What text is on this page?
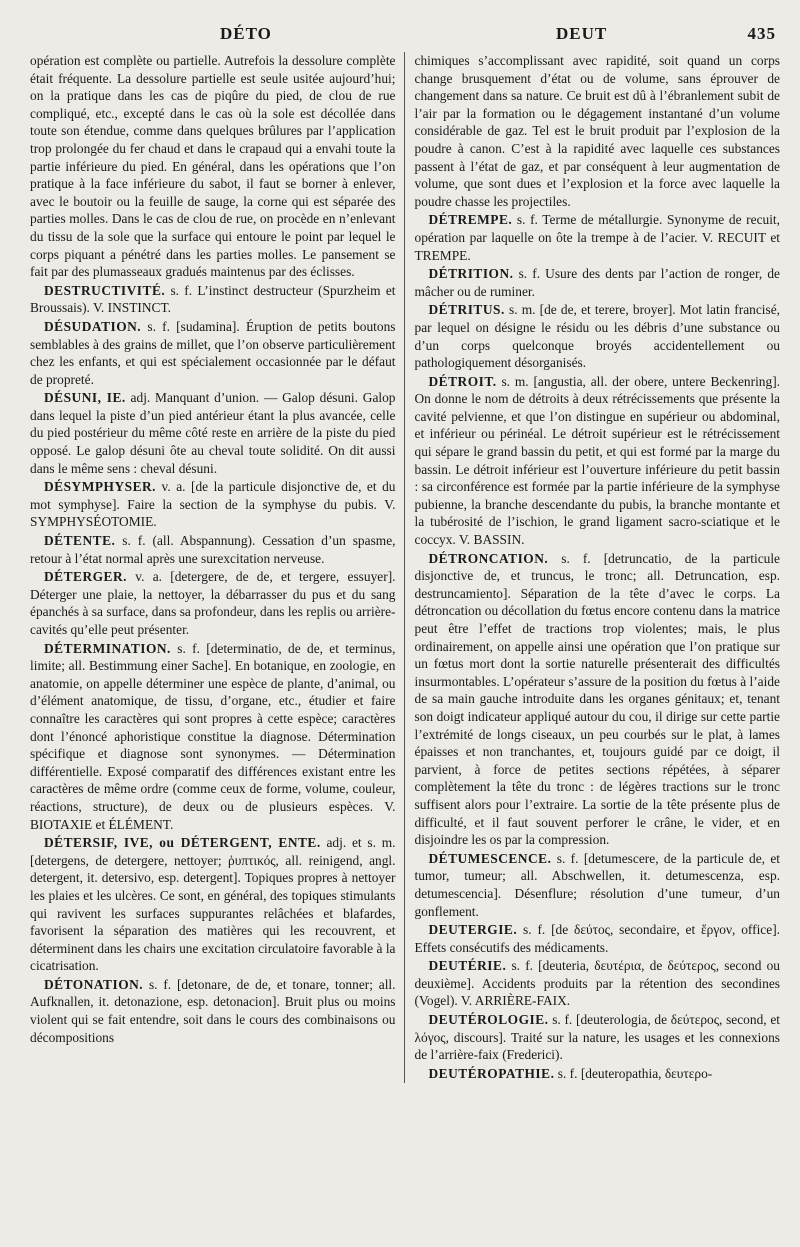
DÉTO	DEUT	435

opération est complète ou partielle. Autrefois la dessolure complète était fréquente. La dessolure partielle est seule usitée aujourd’hui; on la pratique dans les cas de piqûre du pied, de clou de rue compliqué, etc., excepté dans le cas où la sole est décollée dans toute son étendue, comme dans quelques brûlures par l’application trop prolongée du fer chaud et dans le crapaud qui a envahi toute la partie inférieure du pied. En général, dans les opérations que l’on pratique à la face inférieure du sabot, il faut se borner à enlever, avec le boutoir ou la feuille de sauge, la corne qui est séparée des parties molles. Dans le cas de clou de rue, on procède en n’enlevant du tissu de la sole que la surface qui entoure le point par lequel le corps piquant a pénétré dans les parties molles. Le pansement se fait par des plumasseaux gradués maintenus par des éclisses.

DESTRUCTIVITÉ. s. f. L’instinct destructeur (Spurzheim et Broussais). V. INSTINCT.

DÉSUDATION. s. f. [sudamina]. Éruption de petits boutons semblables à des grains de millet, que l’on observe particulièrement chez les enfants, et qui est spécialement occasionnée par le défaut de propreté.

DÉSUNI, IE. adj. Manquant d’union. — Galop désuni. Galop dans lequel la piste d’un pied antérieur étant la plus avancée, celle du pied postérieur du même côté reste en arrière de la piste du pied opposé. Le galop désuni ôte au cheval toute solidité. On dit aussi dans le même sens : cheval désuni.

DÉSYMPHYSER. v. a. [de la particule disjonctive de, et du mot symphyse]. Faire la section de la symphyse du pubis. V. SYMPHYSÉOTOMIE.

DÉTENTE. s. f. (all. Abspannung). Cessation d’un spasme, retour à l’état normal après une surexcitation nerveuse.

DÉTERGER. v. a. [detergere, de de, et tergere, essuyer]. Déterger une plaie, la nettoyer, la débarrasser du pus et du sang épanchés à sa surface, dans sa profondeur, dans les replis ou arrière-cavités qu’elle peut présenter.

DÉTERMINATION. s. f. [determinatio, de de, et terminus, limite; all. Bestimmung einer Sache]. En botanique, en zoologie, en anatomie, on appelle déterminer une espèce de plante, d’animal, ou d’élément anatomique, de tissu, d’organe, etc., étudier et faire connaître les caractères qui sont propres à cette espèce; caractères dont l’énoncé aphoristique constitue la diagnose. Détermination spécifique et diagnose sont synonymes. — Détermination différentielle. Exposé comparatif des différences existant entre les caractères de même ordre (comme ceux de forme, volume, couleur, réactions, structure), de deux ou de plusieurs espèces. V. BIOTAXIE et ÉLÉMENT.

DÉTERSIF, IVE, ou DÉTERGENT, ENTE. adj. et s. m. [detergens, de detergere, nettoyer; ῥυπτικός, all. reinigend, angl. detergent, it. detersivo, esp. detergent]. Topiques propres à nettoyer les plaies et les ulcères. Ce sont, en général, des topiques stimulants qui ravivent les surfaces suppurantes relâchées et blafardes, favorisent la séparation des matières qui les recouvrent, et déterminent dans les chairs une excitation circulatoire favorable à la cicatrisation.

DÉTONATION. s. f. [detonare, de de, et tonare, tonner; all. Aufknallen, it. detonazione, esp. detonacion]. Bruit plus ou moins violent qui se fait entendre, soit dans le cours des combinaisons ou décompositions

chimiques s’accomplissant avec rapidité, soit quand un corps change brusquement d’état ou de volume, sans éprouver de changement dans sa nature. Ce bruit est dû à l’ébranlement subit de l’air par la formation ou le dégagement instantané d’un volume considérable de gaz. Tel est le bruit produit par l’explosion de la poudre à canon. C’est à la rapidité avec laquelle ces substances passent à l’état de gaz, et par conséquent à leur augmentation de volume, que sont dues et l’explosion et la force avec laquelle la poudre chasse les projectiles.

DÉTREMPE. s. f. Terme de métallurgie. Synonyme de recuit, opération par laquelle on ôte la trempe à de l’acier. V. RECUIT et TREMPE.

DÉTRITION. s. f. Usure des dents par l’action de ronger, de mâcher ou de ruminer.

DÉTRITUS. s. m. [de de, et terere, broyer]. Mot latin francisé, par lequel on désigne le résidu ou les débris d’une substance ou d’un corps quelconque broyés accidentellement ou pathologiquement désorganisés.

DÉTROIT. s. m. [angustia, all. der obere, untere Beckenring]. On donne le nom de détroits à deux rétrécissements que présente la cavité pelvienne, et que l’on distingue en supérieur ou abdominal, et inférieur ou périnéal. Le détroit supérieur est le rétrécissement qui sépare le grand bassin du petit, et qui est formé par la marge du bassin. Le détroit inférieur est l’ouverture inférieure du petit bassin : sa circonférence est formée par la partie inférieure de la symphyse pubienne, la branche descendante du pubis, la branche montante et la tubérosité de l’ischion, le grand ligament sacro-sciatique et le coccyx. V. BASSIN.

DÉTRONCATION. s. f. [detruncatio, de la particule disjonctive de, et truncus, le tronc; all. Detruncation, esp. destruncamiento]. Séparation de la tête d’avec le corps. La détroncation ou décollation du fœtus encore contenu dans la matrice peut être l’effet de tractions trop violentes; mais, le plus ordinairement, on appelle ainsi une opération que l’on pratique sur un fœtus mort dont la sortie naturelle présenterait des difficultés insurmontables. L’opérateur s’assure de la position du fœtus à l’aide de sa main gauche introduite dans les organes génitaux; et, tenant son doigt indicateur appliqué autour du cou, il dirige sur cette partie l’extrémité de longs ciseaux, un peu courbés sur le plat, à lames épaisses et non tranchantes, et, toujours guidé par ce doigt, il parvient, à force de petites sections répétées, à séparer complètement la tête du tronc : de légères tractions sur le tronc suffisent alors pour l’extraire. La sortie de la tête présente plus de difficulté, et il faut souvent perforer le crâne, le vider, et en disjoindre les os par la compression.

DÉTUMESCENCE. s. f. [detumescere, de la particule de, et tumor, tumeur; all. Abschwellen, it. detumescenza, esp. detumescencia]. Désenflure; résolution d’une tumeur, d’un gonflement.

DEUTERGIE. s. f. [de δεύτος, secondaire, et ἔργον, office]. Effets consécutifs des médicaments.

DEUTÉRIE. s. f. [deuteria, δευτέρια, de δεύτερος, second ou deuxième]. Accidents produits par la rétention des secondines (Vogel). V. ARRIÈRE-FAIX.

DEUTÉROLOGIE. s. f. [deuterologia, de δεύτερος, second, et λόγος, discours]. Traité sur la nature, les usages et les connexions de l’arrière-faix (Frederici).

DEUTÉROPATHIE. s. f. [deuteropathia, δευτερο-
